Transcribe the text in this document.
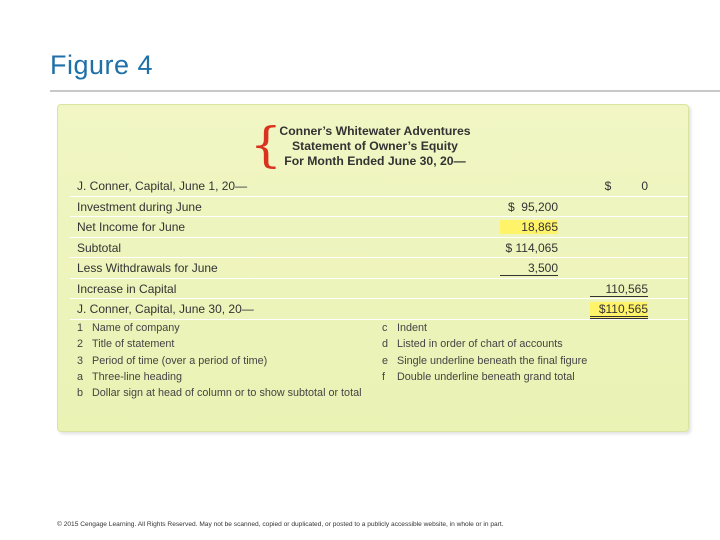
Figure 4
{
Conner’s Whitewater Adventures
Statement of Owner’s Equity
For Month Ended June 30, 20—
J. Conner, Capital, June 1, 20—	$         0
Investment during June	$  95,200
Net Income for June	18,865
Subtotal	$ 114,065
Less Withdrawals for June	3,500
Increase in Capital	110,565
J. Conner, Capital, June 30, 20—	$110,565
1 Name of company
2 Title of statement
3 Period of time (over a period of time)
a Three-line heading
b Dollar sign at head of column or to show subtotal or total
c Indent
d Listed in order of chart of accounts
e Single underline beneath the final figure
f	Double underline beneath grand total
© 2015 Cengage Learning. All Rights Reserved. May not be scanned, copied or duplicated, or posted to a publicly accessible website, in whole or in part.
